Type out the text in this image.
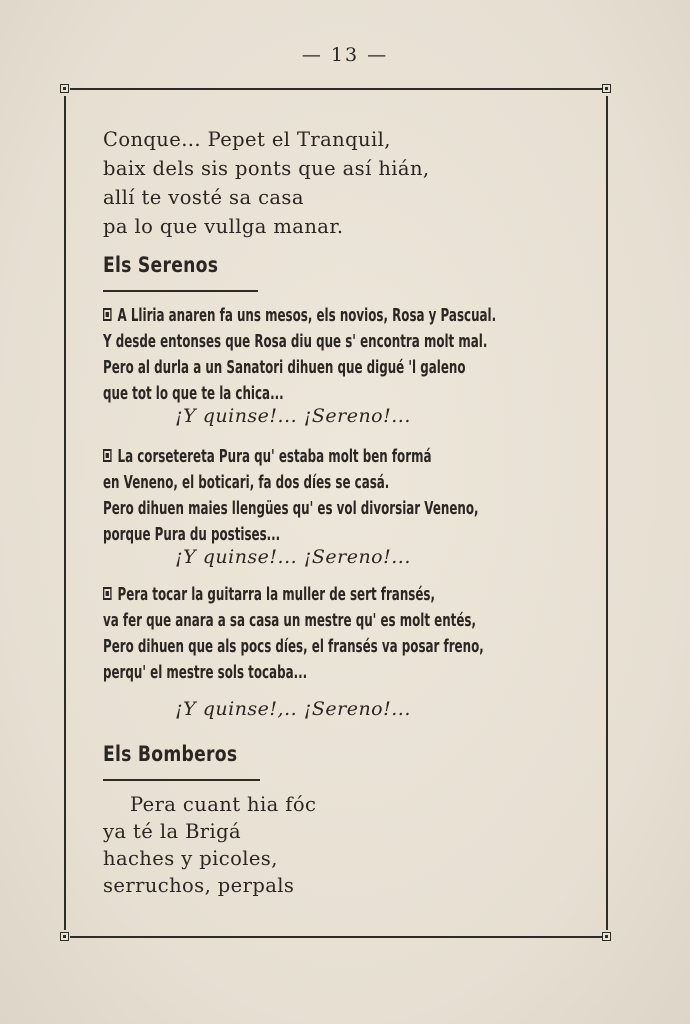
— 13 —
Conque... Pepet el Tranquil,
baix dels sis ponts que así hián,
allí te vosté sa casa
pa lo que vullga manar.
Els Serenos
A Lliria anaren fa uns mesos, els novios, Rosa y Pascual.
Y desde entonses que Rosa diu que s' encontra molt mal.
Pero al durla a un Sanatori dihuen que digué 'l galeno
que tot lo que te la chica...
¡Y quinse!... ¡Sereno!...
La corsetereta Pura qu' estaba molt ben formá
en Veneno, el boticari, fa dos díes se casá.
Pero dihuen maies llengües qu' es vol divorsiar Veneno,
porque Pura du postises...
¡Y quinse!... ¡Sereno!...
Pera tocar la guitarra la muller de sert fransés,
va fer que anara a sa casa un mestre qu' es molt entés,
Pero dihuen que als pocs díes, el fransés va posar freno,
perqu' el mestre sols tocaba...
¡Y quinse!,.. ¡Sereno!...
Els Bomberos
Pera cuant hia fóc
ya té la Brigá
haches y picoles,
serruchos, perpals
